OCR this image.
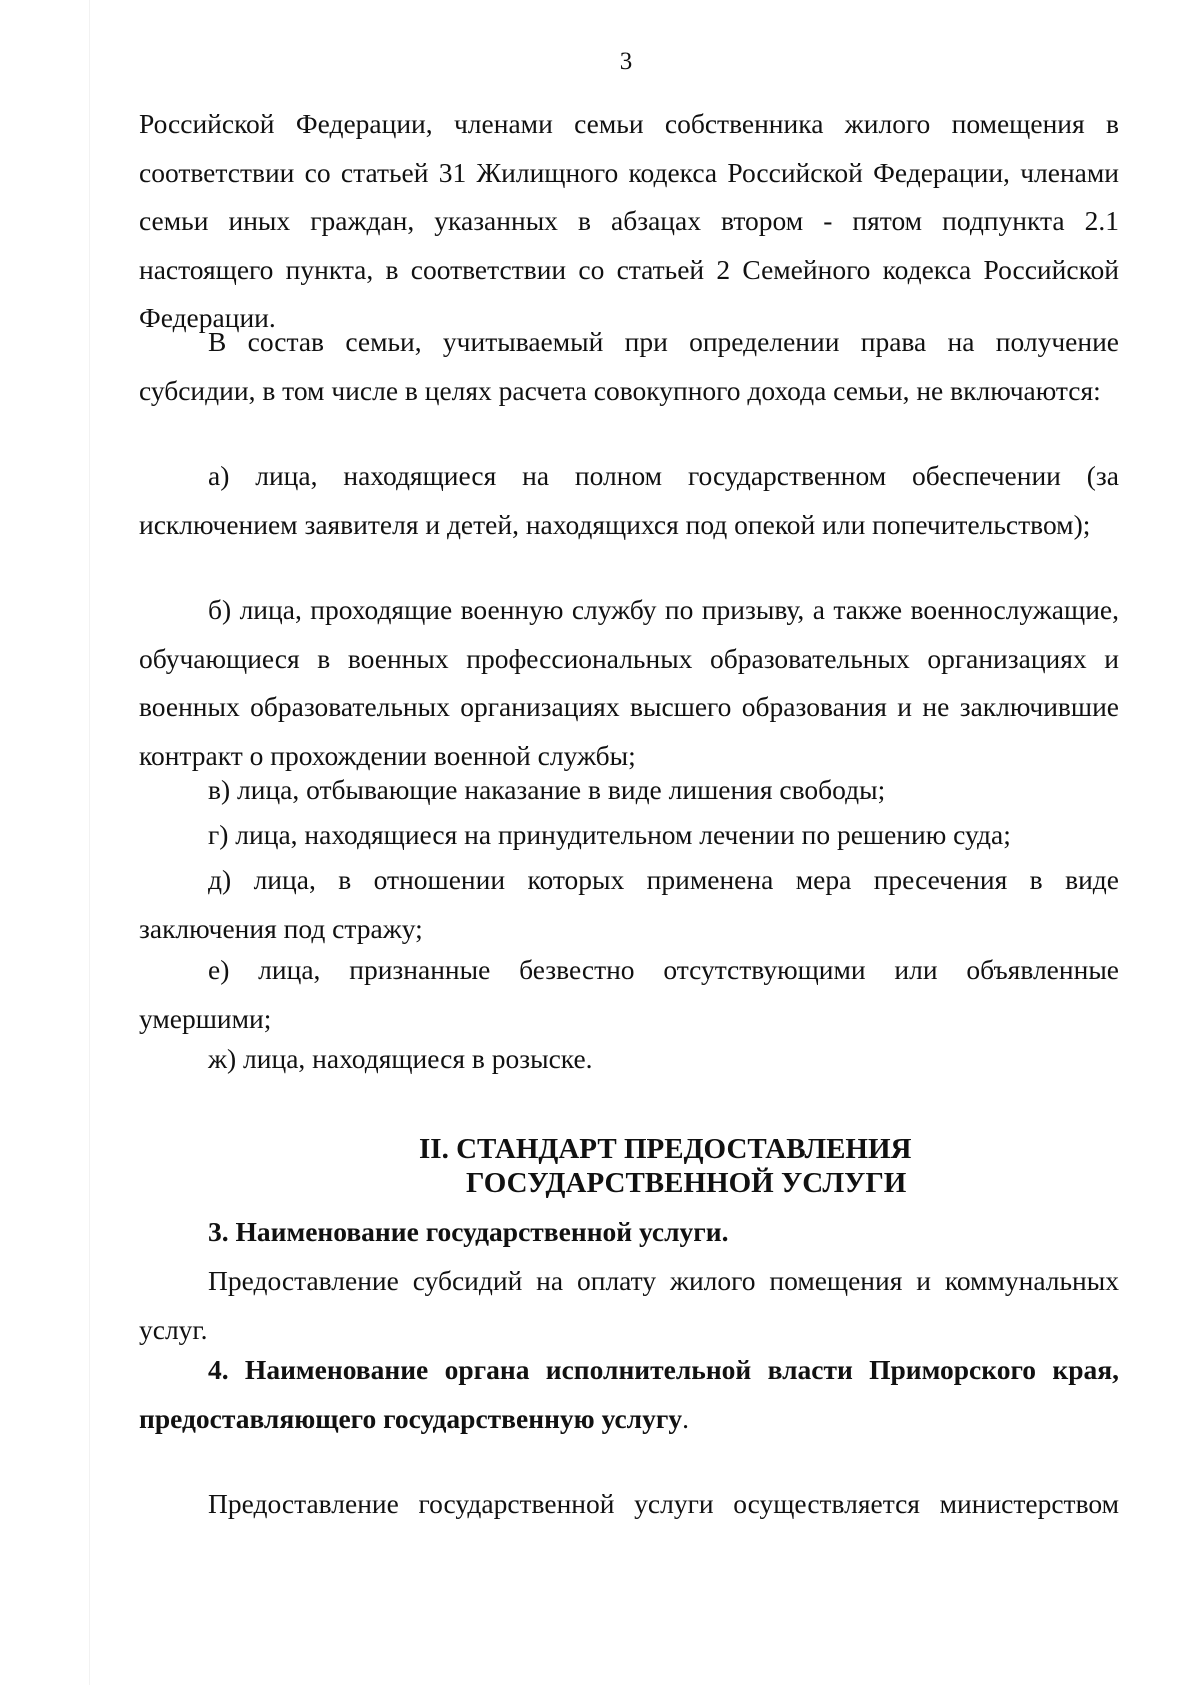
3

Российской Федерации, членами семьи собственника жилого помещения в соответствии со статьей 31 Жилищного кодекса Российской Федерации, членами семьи иных граждан, указанных в абзацах втором - пятом подпункта 2.1 настоящего пункта, в соответствии со статьей 2 Семейного кодекса Российской Федерации.

В состав семьи, учитываемый при определении права на получение субсидии, в том числе в целях расчета совокупного дохода семьи, не включаются:

а) лица, находящиеся на полном государственном обеспечении (за исключением заявителя и детей, находящихся под опекой или попечительством);

б) лица, проходящие военную службу по призыву, а также военнослужащие, обучающиеся в военных профессиональных образовательных организациях и военных образовательных организациях высшего образования и не заключившие контракт о прохождении военной службы;

в) лица, отбывающие наказание в виде лишения свободы;

г) лица, находящиеся на принудительном лечении по решению суда;

д) лица, в отношении которых применена мера пресечения в виде заключения под стражу;

е) лица, признанные безвестно отсутствующими или объявленные умершими;

ж) лица, находящиеся в розыске.

II. СТАНДАРТ ПРЕДОСТАВЛЕНИЯ
ГОСУДАРСТВЕННОЙ УСЛУГИ

3. Наименование государственной услуги.

Предоставление субсидий на оплату жилого помещения и коммунальных услуг.

4. Наименование органа исполнительной власти Приморского края, предоставляющего государственную услугу.

Предоставление государственной услуги осуществляется министерством
